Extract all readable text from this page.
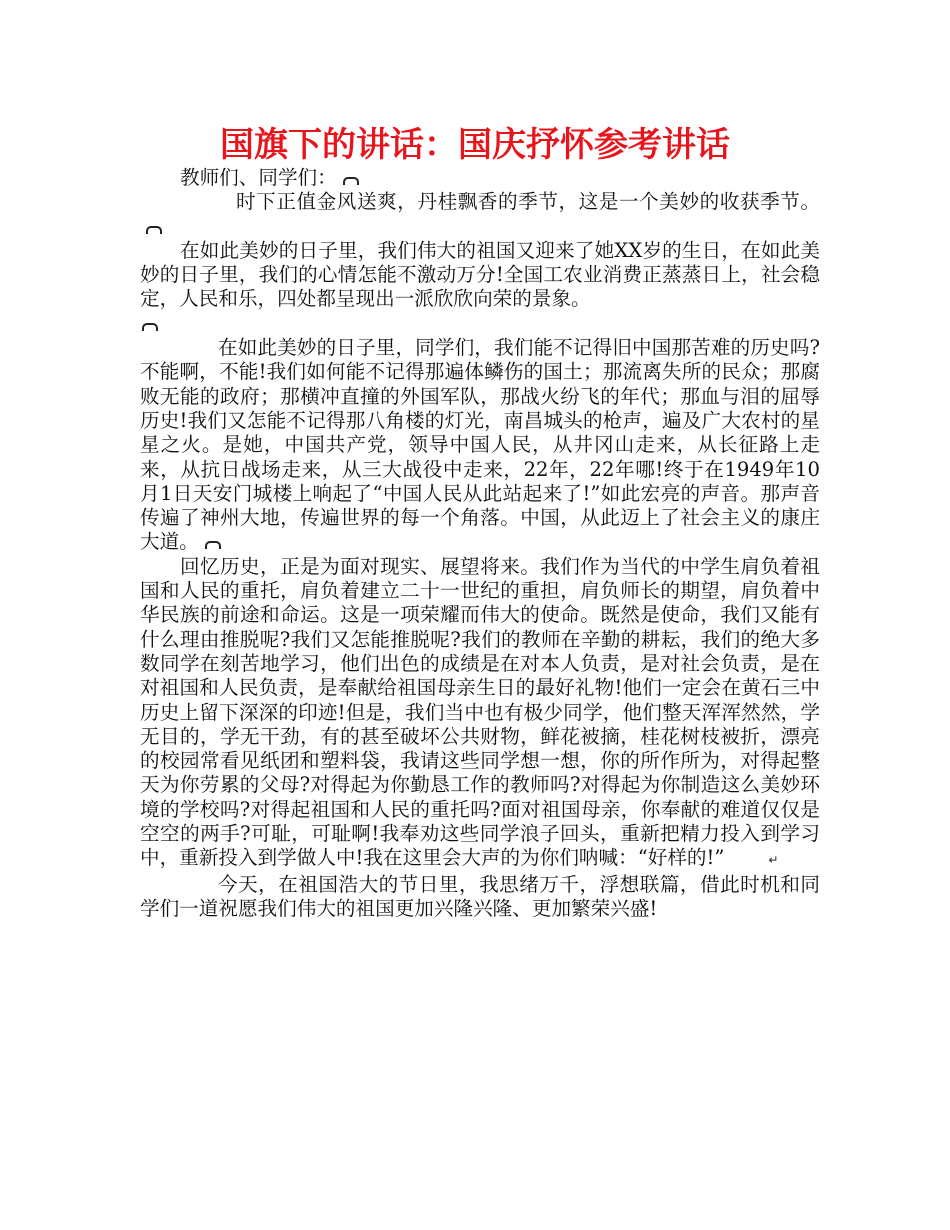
国旗下的讲话：国庆抒怀参考讲话

教师们、同学们：

时下正值金风送爽，丹桂飘香的季节，这是一个美妙的收获季节。

在如此美妙的日子里，我们伟大的祖国又迎来了她XX岁的生日，在如此美妙的日子里，我们的心情怎能不激动万分!全国工农业消费正蒸蒸日上，社会稳定，人民和乐，四处都呈现出一派欣欣向荣的景象。

在如此美妙的日子里，同学们，我们能不记得旧中国那苦难的历史吗?不能啊，不能!我们如何能不记得那遍体鳞伤的国土；那流离失所的民众；那腐败无能的政府；那横冲直撞的外国军队，那战火纷飞的年代；那血与泪的屈辱历史!我们又怎能不记得那八角楼的灯光，南昌城头的枪声，遍及广大农村的星星之火。是她，中国共产党，领导中国人民，从井冈山走来，从长征路上走来，从抗日战场走来，从三大战役中走来，22年，22年哪!终于在1949年10月1日天安门城楼上响起了“中国人民从此站起来了!”如此宏亮的声音。那声音传遍了神州大地，传遍世界的每一个角落。中国，从此迈上了社会主义的康庄大道。

回忆历史，正是为面对现实、展望将来。我们作为当代的中学生肩负着祖国和人民的重托，肩负着建立二十一世纪的重担，肩负师长的期望，肩负着中华民族的前途和命运。这是一项荣耀而伟大的使命。既然是使命，我们又能有什么理由推脱呢?我们又怎能推脱呢?我们的教师在辛勤的耕耘，我们的绝大多数同学在刻苦地学习，他们出色的成绩是在对本人负责，是对社会负责，是在对祖国和人民负责，是奉献给祖国母亲生日的最好礼物!他们一定会在黄石三中历史上留下深深的印迹!但是，我们当中也有极少同学，他们整天浑浑然然，学无目的，学无干劲，有的甚至破坏公共财物，鲜花被摘，桂花树枝被折，漂亮的校园常看见纸团和塑料袋，我请这些同学想一想，你的所作所为，对得起整天为你劳累的父母?对得起为你勤恳工作的教师吗?对得起为你制造这么美妙环境的学校吗?对得起祖国和人民的重托吗?面对祖国母亲，你奉献的难道仅仅是空空的两手?可耻，可耻啊!我奉劝这些同学浪子回头，重新把精力投入到学习中，重新投入到学做人中!我在这里会大声的为你们呐喊：“好样的!”	↵

今天，在祖国浩大的节日里，我思绪万千，浮想联篇，借此时机和同学们一道祝愿我们伟大的祖国更加兴隆兴隆、更加繁荣兴盛!
